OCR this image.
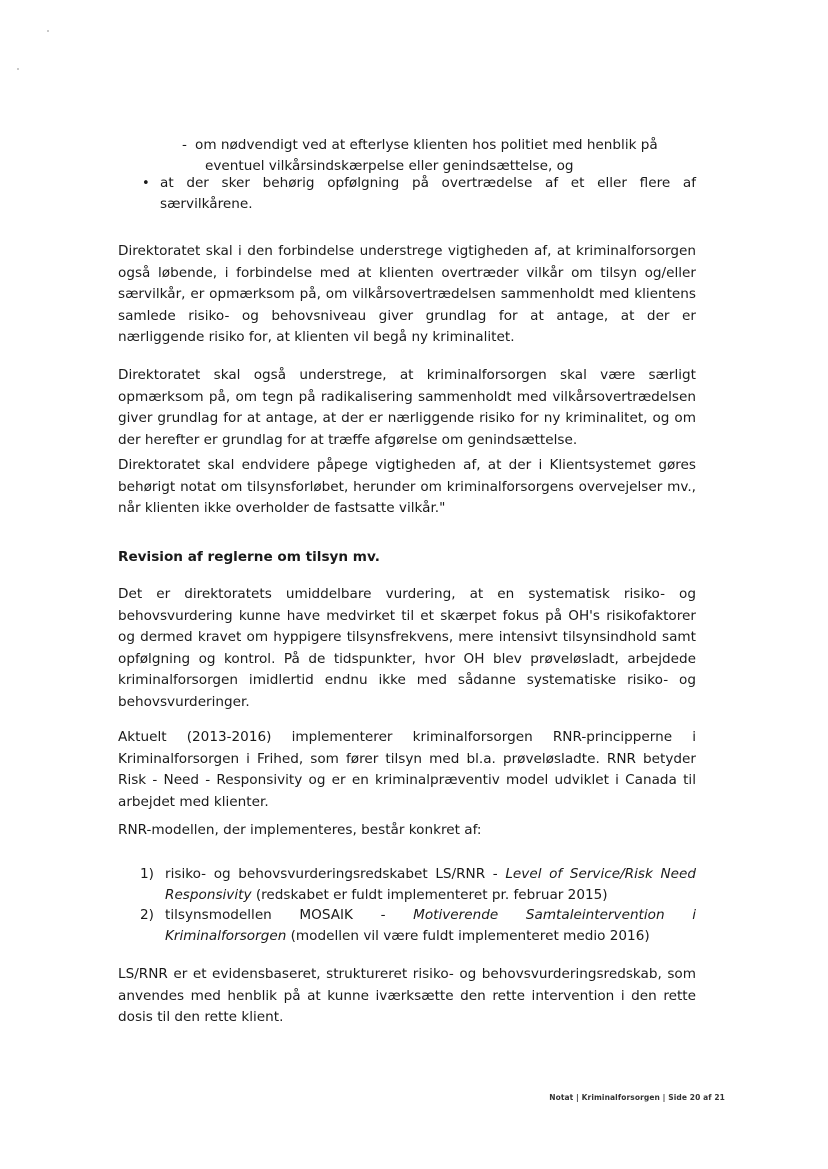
- om nødvendigt ved at efterlyse klienten hos politiet med henblik på
eventuel vilkårsindskærpelse eller genindsættelse, og
• at der sker behørig opfølgning på overtrædelse af et eller flere af særvilkårene.

Direktoratet skal i den forbindelse understrege vigtigheden af, at kriminalforsorgen også løbende, i forbindelse med at klienten overtræder vilkår om tilsyn og/eller særvilkår, er opmærksom på, om vilkårsovertrædelsen sammenholdt med klientens samlede risiko- og behovsniveau giver grundlag for at antage, at der er nærliggende risiko for, at klienten vil begå ny kriminalitet.

Direktoratet skal også understrege, at kriminalforsorgen skal være særligt opmærksom på, om tegn på radikalisering sammenholdt med vilkårsovertrædelsen giver grundlag for at antage, at der er nærliggende risiko for ny kriminalitet, og om der herefter er grundlag for at træffe afgørelse om genindsættelse.

Direktoratet skal endvidere påpege vigtigheden af, at der i Klientsystemet gøres behørigt notat om tilsynsforløbet, herunder om kriminalforsorgens overvejelser mv., når klienten ikke overholder de fastsatte vilkår."

Revision af reglerne om tilsyn mv.

Det er direktoratets umiddelbare vurdering, at en systematisk risiko- og behovsvurdering kunne have medvirket til et skærpet fokus på OH's risikofaktorer og dermed kravet om hyppigere tilsynsfrekvens, mere intensivt tilsynsindhold samt opfølgning og kontrol. På de tidspunkter, hvor OH blev prøveløsladt, arbejdede kriminalforsorgen imidlertid endnu ikke med sådanne systematiske risiko- og behovsvurderinger.

Aktuelt (2013-2016) implementerer kriminalforsorgen RNR-principperne i Kriminalforsorgen i Frihed, som fører tilsyn med bl.a. prøveløsladte. RNR betyder Risk - Need - Responsivity og er en kriminalpræventiv model udviklet i Canada til arbejdet med klienter.

RNR-modellen, der implementeres, består konkret af:

1) risiko- og behovsvurderingsredskabet LS/RNR - Level of Service/Risk Need Responsivity (redskabet er fuldt implementeret pr. februar 2015)
2) tilsynsmodellen MOSAIK - Motiverende Samtaleintervention i Kriminalforsorgen (modellen vil være fuldt implementeret medio 2016)

LS/RNR er et evidensbaseret, struktureret risiko- og behovsvurderingsredskab, som anvendes med henblik på at kunne iværksætte den rette intervention i den rette dosis til den rette klient.

Notat | Kriminalforsorgen | Side 20 af 21
